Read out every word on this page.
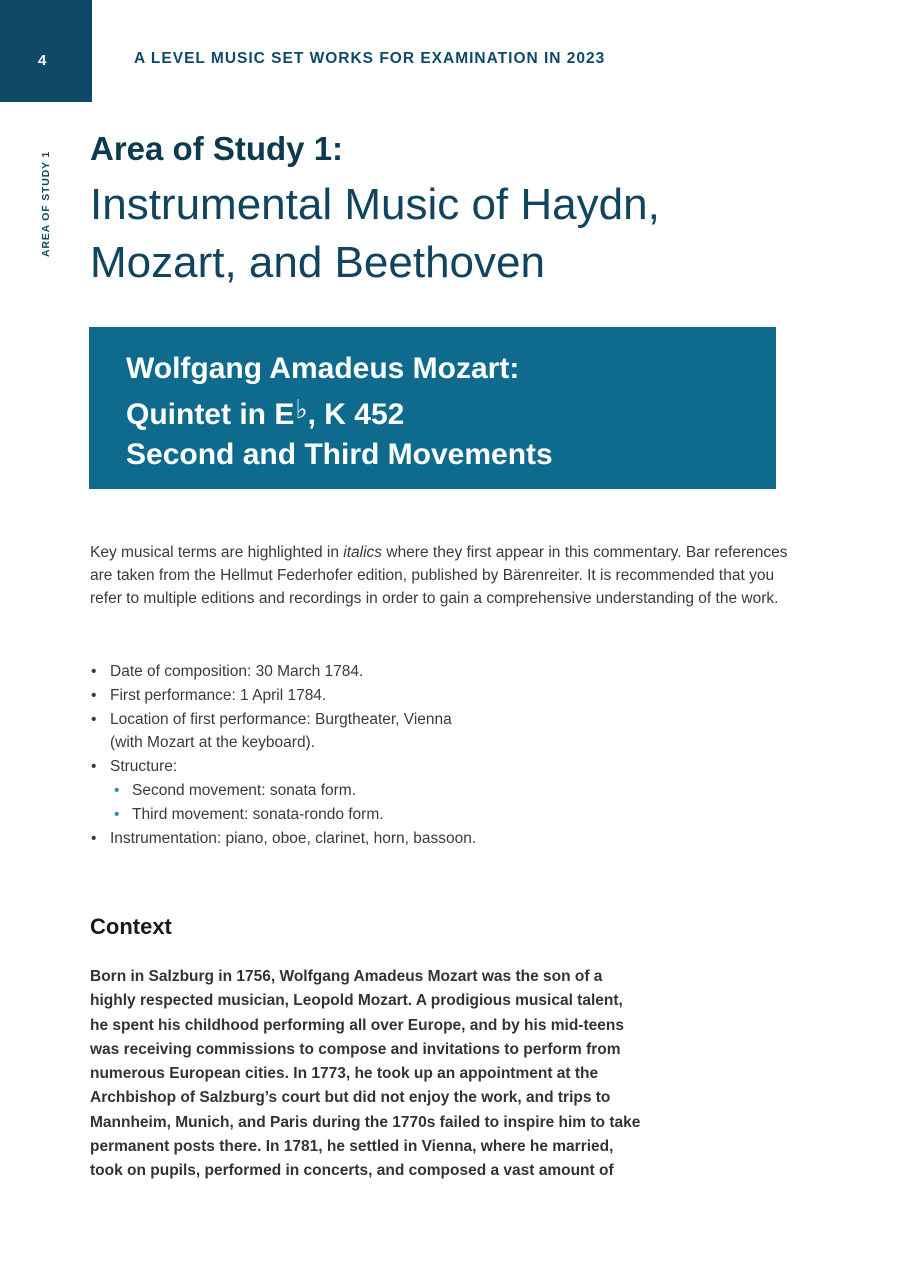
4	A LEVEL MUSIC SET WORKS FOR EXAMINATION IN 2023
AREA OF STUDY 1
Area of Study 1:
Instrumental Music of Haydn,
Mozart, and Beethoven
Wolfgang Amadeus Mozart:
Quintet in E♭, K 452
Second and Third Movements

Key musical terms are highlighted in italics where they first appear in this commentary. Bar references are taken from the Hellmut Federhofer edition, published by Bärenreiter. It is recommended that you refer to multiple editions and recordings in order to gain a comprehensive understanding of the work.

• Date of composition: 30 March 1784.
• First performance: 1 April 1784.
• Location of first performance: Burgtheater, Vienna
(with Mozart at the keyboard).
• Structure:
• Second movement: sonata form.
• Third movement: sonata-rondo form.
• Instrumentation: piano, oboe, clarinet, horn, bassoon.
Context
Born in Salzburg in 1756, Wolfgang Amadeus Mozart was the son of a
highly respected musician, Leopold Mozart. A prodigious musical talent,
he spent his childhood performing all over Europe, and by his mid-teens
was receiving commissions to compose and invitations to perform from
numerous European cities. In 1773, he took up an appointment at the
Archbishop of Salzburg’s court but did not enjoy the work, and trips to
Mannheim, Munich, and Paris during the 1770s failed to inspire him to take
permanent posts there. In 1781, he settled in Vienna, where he married,
took on pupils, performed in concerts, and composed a vast amount of
